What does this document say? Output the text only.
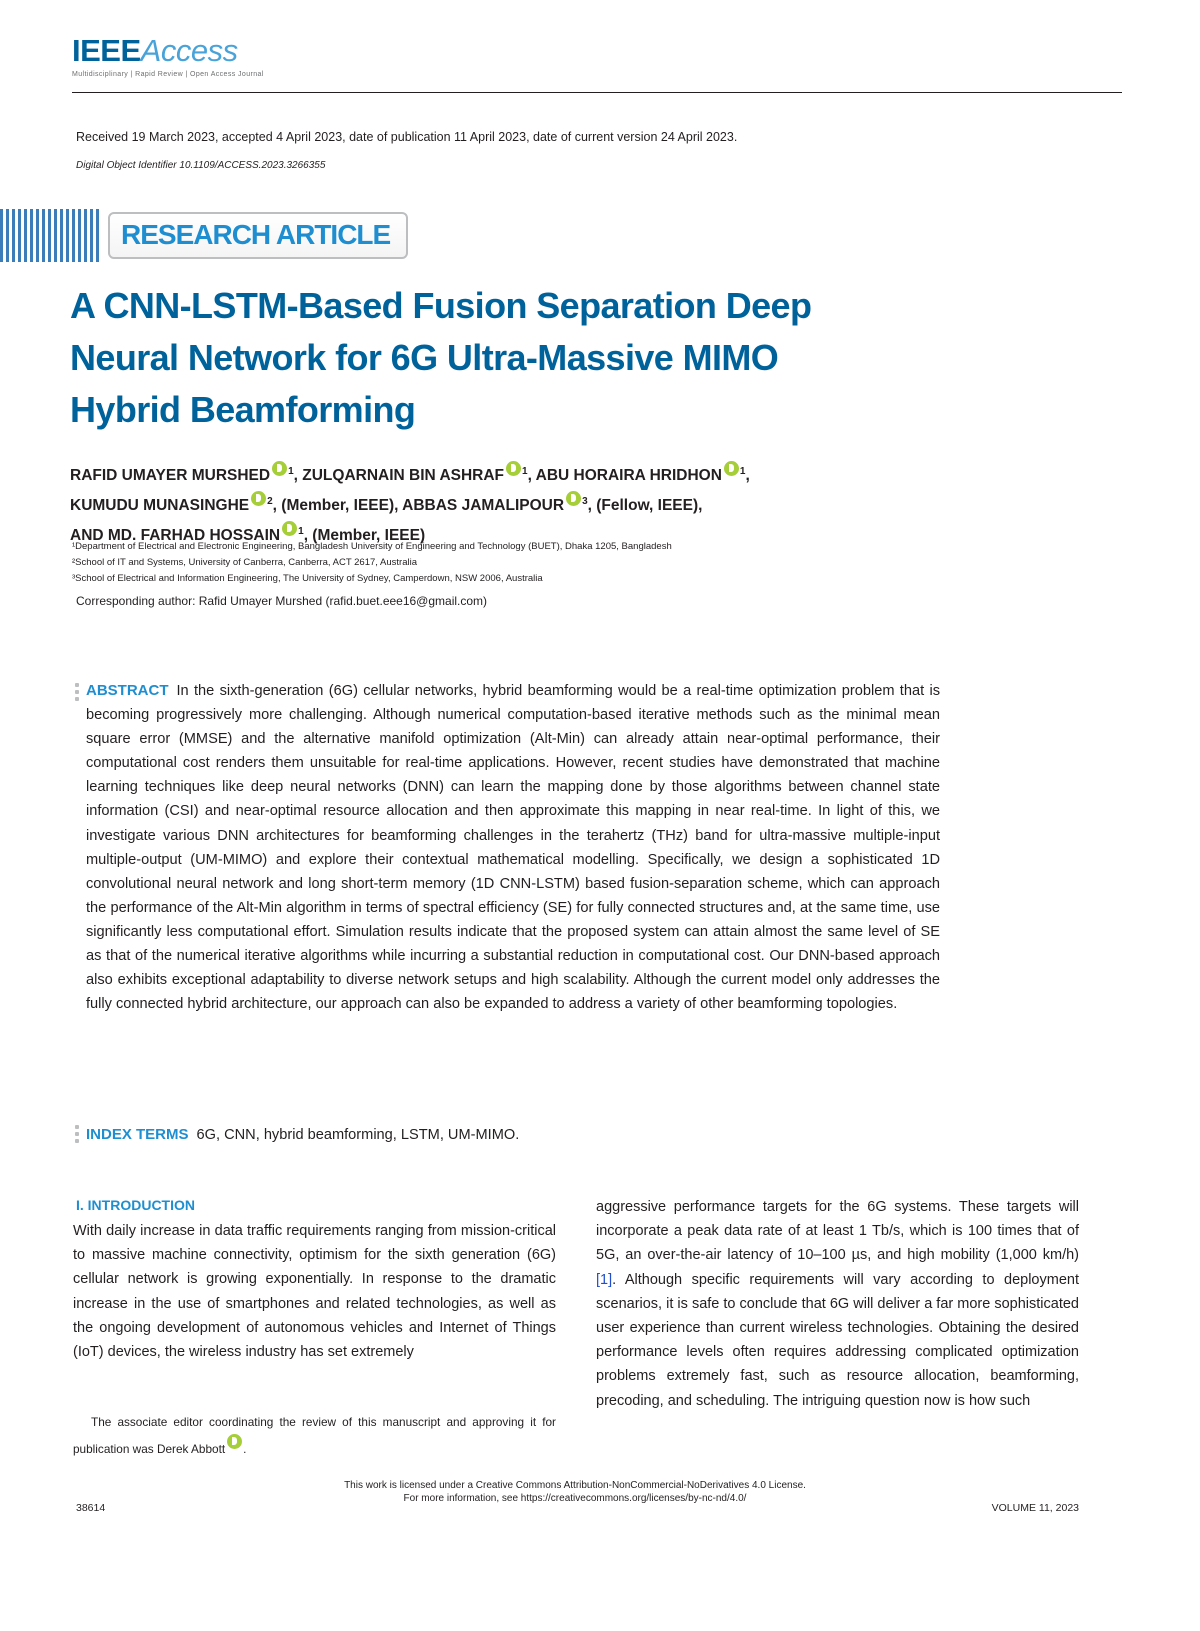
IEEEAccess
Multidisciplinary | Rapid Review | Open Access Journal
Received 19 March 2023, accepted 4 April 2023, date of publication 11 April 2023, date of current version 24 April 2023.
Digital Object Identifier 10.1109/ACCESS.2023.3266355
RESEARCH ARTICLE
A CNN-LSTM-Based Fusion Separation Deep
Neural Network for 6G Ultra-Massive MIMO
Hybrid Beamforming
RAFID UMAYER MURSHED $^1$, ZULQARNAIN BIN ASHRAF $^1$, ABU HORAIRA HRIDHON $^1$,
KUMUDU MUNASINGHE $^2$, (Member, IEEE), ABBAS JAMALIPOUR $^3$, (Fellow, IEEE),
AND MD. FARHAD HOSSAIN $^1$, (Member, IEEE)
¹Department of Electrical and Electronic Engineering, Bangladesh University of Engineering and Technology (BUET), Dhaka 1205, Bangladesh
²School of IT and Systems, University of Canberra, Canberra, ACT 2617, Australia
³School of Electrical and Information Engineering, The University of Sydney, Camperdown, NSW 2006, Australia
Corresponding author: Rafid Umayer Murshed (rafid.buet.eee16@gmail.com)
ABSTRACT In the sixth-generation (6G) cellular networks, hybrid beamforming would be a real-time optimization problem that is becoming progressively more challenging. Although numerical computation-based iterative methods such as the minimal mean square error (MMSE) and the alternative manifold optimization (Alt-Min) can already attain near-optimal performance, their computational cost renders them unsuitable for real-time applications. However, recent studies have demonstrated that machine learning techniques like deep neural networks (DNN) can learn the mapping done by those algorithms between channel state information (CSI) and near-optimal resource allocation and then approximate this mapping in near real-time. In light of this, we investigate various DNN architectures for beamforming challenges in the terahertz (THz) band for ultra-massive multiple-input multiple-output (UM-MIMO) and explore their contextual mathematical modelling. Specifically, we design a sophisticated 1D convolutional neural network and long short-term memory (1D CNN-LSTM) based fusion-separation scheme, which can approach the performance of the Alt-Min algorithm in terms of spectral efficiency (SE) for fully connected structures and, at the same time, use significantly less computational effort. Simulation results indicate that the proposed system can attain almost the same level of SE as that of the numerical iterative algorithms while incurring a substantial reduction in computational cost. Our DNN-based approach also exhibits exceptional adaptability to diverse network setups and high scalability. Although the current model only addresses the fully connected hybrid architecture, our approach can also be expanded to address a variety of other beamforming topologies.
INDEX TERMS 6G, CNN, hybrid beamforming, LSTM, UM-MIMO.
I. INTRODUCTION
With daily increase in data traffic requirements ranging from mission-critical to massive machine connectivity, optimism for the sixth generation (6G) cellular network is growing exponentially. In response to the dramatic increase in the use of smartphones and related technologies, as well as the ongoing development of autonomous vehicles and Internet of Things (IoT) devices, the wireless industry has set extremely
aggressive performance targets for the 6G systems. These targets will incorporate a peak data rate of at least 1 Tb/s, which is 100 times that of 5G, an over-the-air latency of 10–100 µs, and high mobility (1,000 km/h) [1]. Although specific requirements will vary according to deployment scenarios, it is safe to conclude that 6G will deliver a far more sophisticated user experience than current wireless technologies. Obtaining the desired performance levels often requires addressing complicated optimization problems extremely fast, such as resource allocation, beamforming, precoding, and scheduling. The intriguing question now is how such
The associate editor coordinating the review of this manuscript and approving it for publication was Derek Abbott .
This work is licensed under a Creative Commons Attribution-NonCommercial-NoDerivatives 4.0 License.
For more information, see https://creativecommons.org/licenses/by-nc-nd/4.0/
38614	VOLUME 11, 2023
